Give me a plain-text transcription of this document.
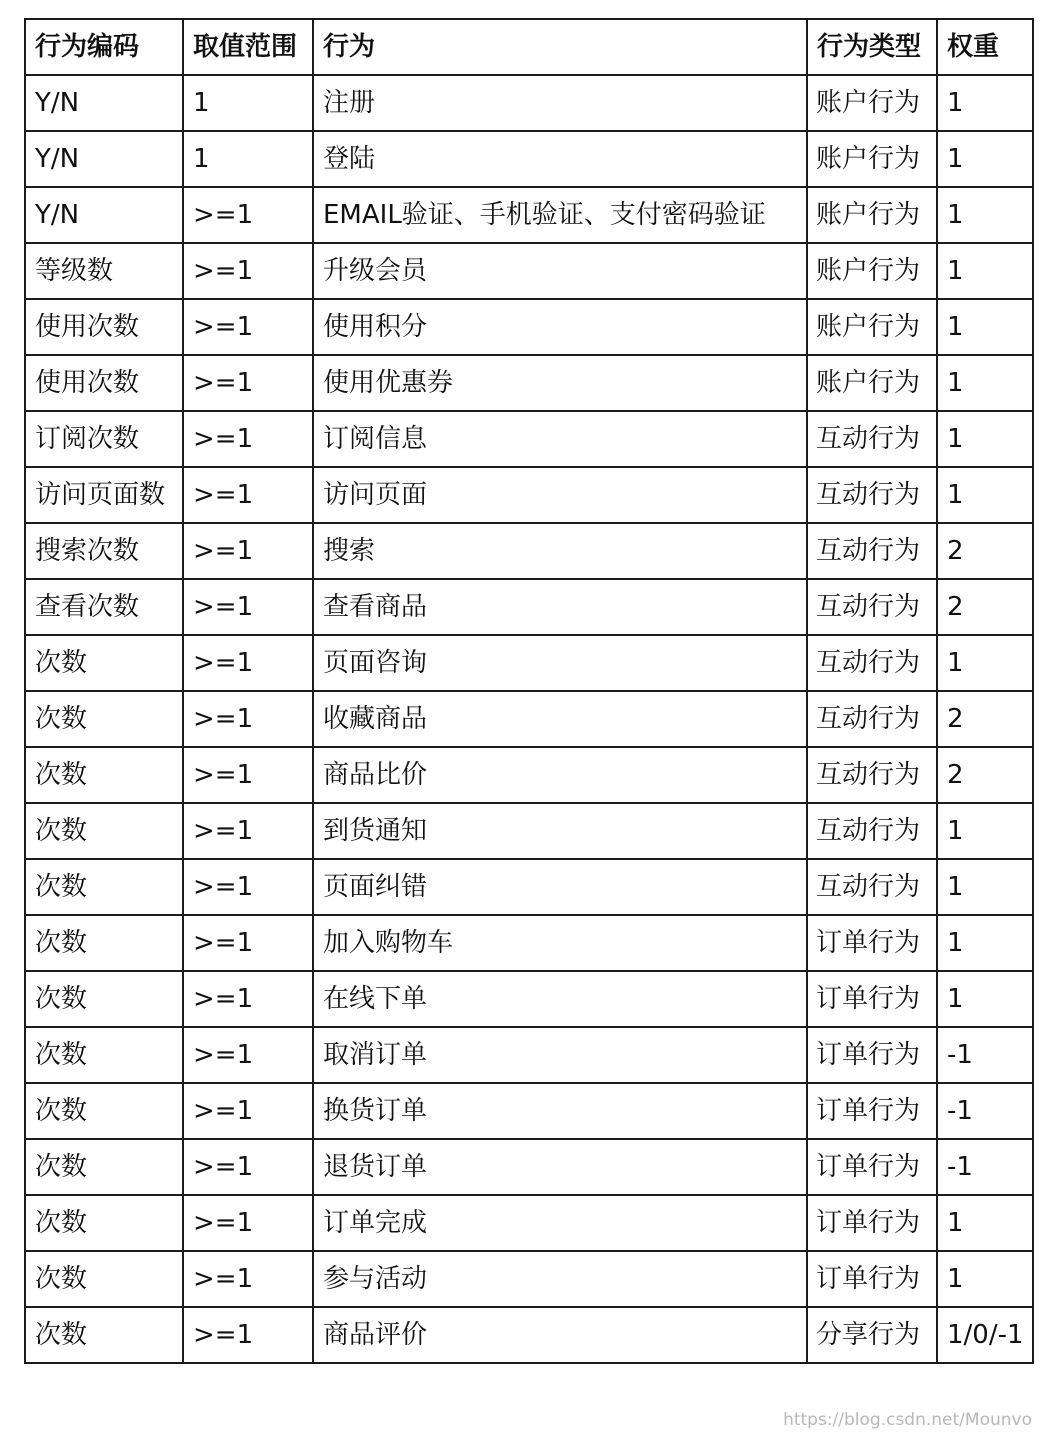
行为编码	取值范围	行为	行为类型	权重
Y/N	1	注册	账户行为	1
Y/N	1	登陆	账户行为	1
Y/N	>=1	EMAIL验证、手机验证、支付密码验证	账户行为	1
等级数	>=1	升级会员	账户行为	1
使用次数	>=1	使用积分	账户行为	1
使用次数	>=1	使用优惠券	账户行为	1
订阅次数	>=1	订阅信息	互动行为	1
访问页面数	>=1	访问页面	互动行为	1
搜索次数	>=1	搜索	互动行为	2
查看次数	>=1	查看商品	互动行为	2
次数	>=1	页面咨询	互动行为	1
次数	>=1	收藏商品	互动行为	2
次数	>=1	商品比价	互动行为	2
次数	>=1	到货通知	互动行为	1
次数	>=1	页面纠错	互动行为	1
次数	>=1	加入购物车	订单行为	1
次数	>=1	在线下单	订单行为	1
次数	>=1	取消订单	订单行为	-1
次数	>=1	换货订单	订单行为	-1
次数	>=1	退货订单	订单行为	-1
次数	>=1	订单完成	订单行为	1
次数	>=1	参与活动	订单行为	1
次数	>=1	商品评价	分享行为	1/0/-1
https://blog.csdn.net/Mounvo
